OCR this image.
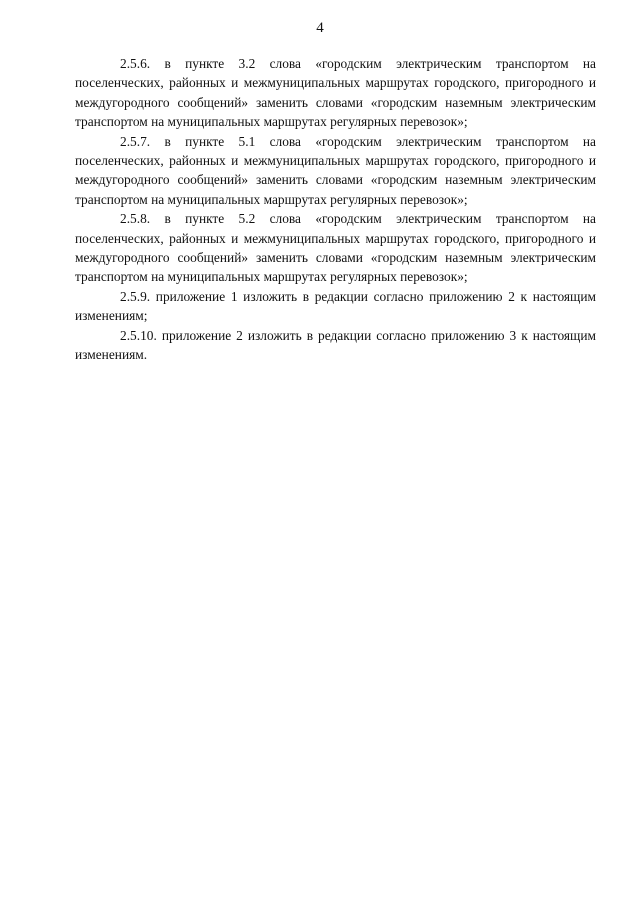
4

2.5.6. в пункте 3.2 слова «городским электрическим транспортом на поселенческих, районных и межмуниципальных маршрутах городского, пригородного и междугородного сообщений» заменить словами «городским наземным электрическим транспортом на муниципальных маршрутах регулярных перевозок»;

2.5.7. в пункте 5.1 слова «городским электрическим транспортом на поселенческих, районных и межмуниципальных маршрутах городского, пригородного и междугородного сообщений» заменить словами «городским наземным электрическим транспортом на муниципальных маршрутах регулярных перевозок»;

2.5.8. в пункте 5.2 слова «городским электрическим транспортом на поселенческих, районных и межмуниципальных маршрутах городского, пригородного и междугородного сообщений» заменить словами «городским наземным электрическим транспортом на муниципальных маршрутах регулярных перевозок»;

2.5.9. приложение 1 изложить в редакции согласно приложению 2 к настоящим изменениям;

2.5.10. приложение 2 изложить в редакции согласно приложению 3 к настоящим изменениям.
